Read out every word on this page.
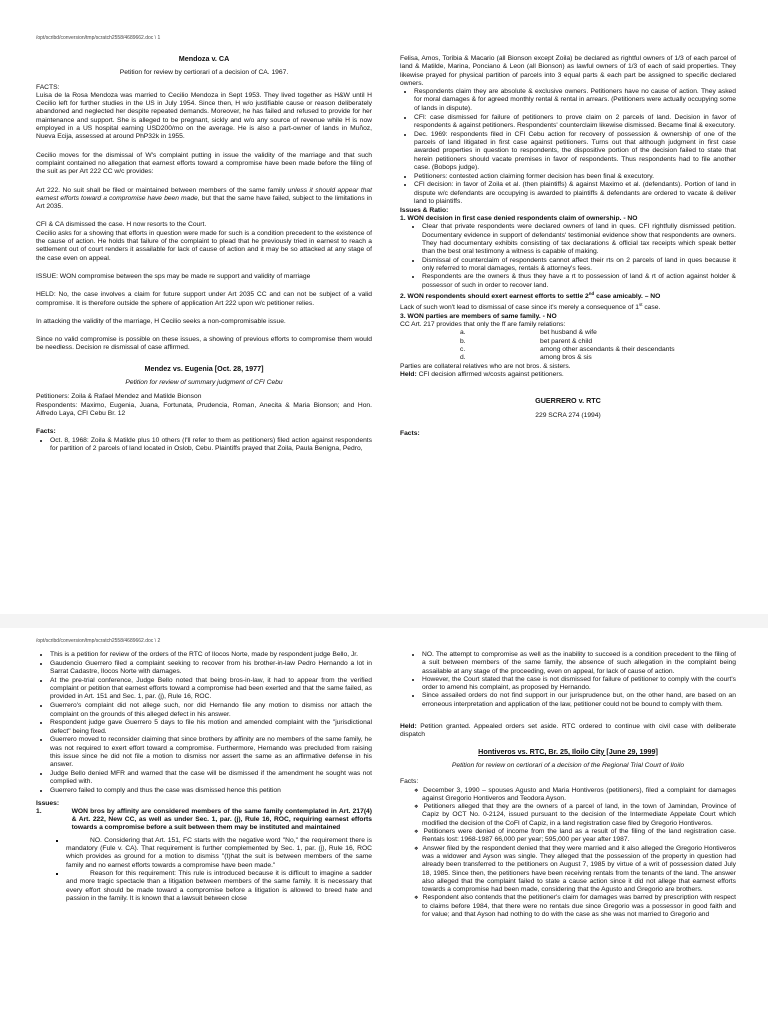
/opt/scribd/conversion/tmp/scratch2558/4689662.doc \ 1

Mendoza v. CA

Petition for review by certiorari of a decision of CA. 1967.

FACTS:

Luisa de la Rosa Mendoza was married to Cecilio Mendoza in Sept 1953. They lived together as H&W until H Cecilio left for further studies in the US in July 1954. Since then, H w/o justifiable cause or reason deliberately abandoned and neglected her despite repeated demands. Moreover, he has failed and refused to provide for her maintenance and support. She is alleged to be pregnant, sickly and w/o any source of revenue while H is now employed in a US hospital earning USD200/mo on the average. He is also a part-owner of lands in Muñoz, Nueva Ecija, assessed at around PhP32k in 1955.

Cecilio moves for the dismissal of W's complaint putting in issue the validity of the marriage and that such complaint contained no allegation that earnest efforts toward a compromise have been made before the filing of the suit as per Art 222 CC w/c provides:

Art 222. No suit shall be filed or maintained between members of the same family unless it should appear that earnest efforts toward a compromise have been made, but that the same have failed, subject to the limitations in Art 2035.

CFI & CA dismissed the case. H now resorts to the Court.
Cecilio asks for a showing that efforts in question were made for such is a condition precedent to the existence of the cause of action. He holds that failure of the complaint to plead that he previously tried in earnest to reach a settlement out of court renders it assailable for lack of cause of action and it may be so attacked at any stage of the case even on appeal.

ISSUE: WON compromise between the sps may be made re support and validity of marriage

HELD: No, the case involves a claim for future support under Art 2035 CC and can not be subject of a valid compromise. It is therefore outside the sphere of application Art 222 upon w/c petitioner relies.

In attacking the validity of the marriage, H Cecilio seeks a non-compromisable issue.

Since no valid compromise is possible on these issues, a showing of previous efforts to compromise them would be needless. Decision re dismissal of case affirmed.

Mendez vs. Eugenia [Oct. 28, 1977]

Petition for review of summary judgment of CFI Cebu

Petitioners: Zoila & Rafael Mendez and Matilde Bionson

Respondents: Maximo, Eugenia, Juana, Fortunata, Prudencia, Roman, Anecita & Maria Bionson; and Hon. Alfredo Laya, CFI Cebu Br. 12

Facts:

• Oct. 8, 1968: Zoila & Matilde plus 10 others (I'll refer to them as petitioners) filed action against respondents for partition of 2 parcels of land located in Oslob, Cebu. Plaintiffs prayed that Zoila, Paula Benigna, Pedro,

Felisa, Amos, Toribia & Macario (all Bionson except Zoila) be declared as rightful owners of 1/3 of each parcel of land & Matilde, Marina, Ponciano & Leon (all Bionson) as lawful owners of 1/3 of each of said properties. They likewise prayed for physical partition of parcels into 3 equal parts & each part be assigned to specific declared owners.

• Respondents claim they are absolute & exclusive owners. Petitioners have no cause of action. They asked for moral damages & for agreed monthly rental & rental in arrears. (Petitioners were actually occupying some of lands in dispute).
• CFI: case dismissed for failure of petitioners to prove claim on 2 parcels of land. Decision in favor of respondents & against petitioners. Respondents' counterclaim likewise dismissed. Became final & executory.
• Dec. 1969: respondents filed in CFI Cebu action for recovery of possession & ownership of one of the parcels of land litigated in first case against petitioners. Turns out that although judgment in first case awarded properties in question to respondents, the dispositive portion of the decision failed to state that herein petitioners should vacate premises in favor of respondents. Thus respondents had to file another case. (Bobops judge).
• Petitioners: contested action claiming former decision has been final & executory.
• CFI decision: in favor of Zoila et al. (then plaintiffs) & against Maximo et al. (defendants). Portion of land in dispute w/c defendants are occupying is awarded to plaintiffs & defendants are ordered to vacate & deliver land to plaintiffs.

Issues & Ratio:

1. WON decision in first case denied respondents claim of ownership. - NO

• Clear that private respondents were declared owners of land in ques. CFI rightfully dismissed petition. Documentary evidence in support of defendants' testimonial evidence show that respondents are owners. They had documentary exhibits consisting of tax declarations & official tax receipts which speak better than the best oral testimony a witness is capable of making.
• Dismissal of counterclaim of respondents cannot affect their rts on 2 parcels of land in ques because it only referred to moral damages, rentals & attorney's fees.
• Respondents are the owners & thus they have a rt to possession of land & rt of action against holder & possessor of such in order to recover land.

2. WON respondents should exert earnest efforts to settle 2nd case amicably. – NO

Lack of such won't lead to dismissal of case since it's merely a consequence of 1st case.

3. WON parties are members of same family. - NO

CC Art. 217 provides that only the ff are family relations:

a.	bet husband & wife
b.	bet parent & child
c.	among other ascendants & their descendants
d.	among bros & sis

Parties are collateral relatives who are not bros. & sisters.

Held: CFI decision affirmed w/costs against petitioners.

GUERRERO v. RTC

229 SCRA 274 (1994)

Facts:

/opt/scribd/conversion/tmp/scratch2558/4689662.doc \ 2
• This is a petition for review of the orders of the RTC of Ilocos Norte, made by respondent judge Bello, Jr.
• Gaudencio Guerrero filed a complaint seeking to recover from his brother-in-law Pedro Hernando a lot in Sarrat Cadastre, Ilocos Norte with damages.
• At the pre-trial conference, Judge Bello noted that being bros-in-law, it had to appear from the verified complaint or petition that earnest efforts toward a compromise had been exerted and that the same failed, as provided in Art. 151 and Sec. 1, par. (j), Rule 16, ROC.
• Guerrero's complaint did not allege such, nor did Hernando file any motion to dismiss nor attach the complaint on the grounds of this alleged defect in his answer.
• Respondent judge gave Guerrero 5 days to file his motion and amended complaint with the "jurisdictional defect" being fixed.
• Guerrero moved to reconsider claiming that since brothers by affinity are no members of the same family, he was not required to exert effort toward a compromise. Furthermore, Hernando was precluded from raising this issue since he did not file a motion to dismiss nor assert the same as an affirmative defense in his answer.
• Judge Bello denied MFR and warned that the case will be dismissed if the amendment he sought was not complied with.
• Guerrero failed to comply and thus the case was dismissed hence this petition

Issues:

1.	WON bros by affinity are considered members of the same family contemplated in Art. 217(4) & Art. 222, New CC, as well as under Sec. 1, par. (j), Rule 16, ROC, requiring earnest efforts towards a compromise before a suit between them may be instituted and maintained
▪ NO. Considering that Art. 151, FC starts with the negative word "No," the requirement there is mandatory (Fule v. CA). That requirement is further complemented by Sec. 1, par. (j), Rule 16, ROC which provides as ground for a motion to dismiss "(t)hat the suit is between members of the same family and no earnest efforts towards a compromise have been made."
▪ Reason for this requirement: This rule is introduced because it is difficult to imagine a sadder and more tragic spectacle than a litigation between members of the same family. It is necessary that every effort should be made toward a compromise before a litigation is allowed to breed hate and passion in the family. It is known that a lawsuit between close
• NO. The attempt to compromise as well as the inability to succeed is a condition precedent to the filing of a suit between members of the same family, the absence of such allegation in the complaint being assailable at any stage of the proceeding, even on appeal, for lack of cause of action.
• However, the Court stated that the case is not dismissed for failure of petitioner to comply with the court's order to amend his complaint, as proposed by Hernando.
• Since assailed orders do not find support in our jurisprudence but, on the other hand, are based on an erroneous interpretation and application of the law, petitioner could not be bound to comply with them.

Held: Petition granted. Appealed orders set aside. RTC ordered to continue with civil case with deliberate dispatch

Hontiveros vs. RTC, Br. 25, Iloilo City [June 29, 1999]

Petition for review on certiorari of a decision of the Regional Trial Court of Iloilo

Facts:

❖ December 3, 1990 – spouses Agusto and Maria Hontiveros (petitioners), filed a complaint for damages against Gregorio Hontiveros and Teodora Ayson.
❖ Petitioners alleged that they are the owners of a parcel of land, in the town of Jamindan, Province of Capiz by OCT No. 0-2124, issued pursuant to the decision of the Intermediate Appelate Court which modified the decision of the CoFI of Capiz, in a land registration case filed by Gregorio Hontiveros.
❖ Petitioners were denied of income from the land as a result of the filing of the land registration case. Rentals lost: 1968-1987 66,000 per year; 595,000 per year after 1987.
❖ Answer filed by the respondent denied that they were married and it also alleged the Gregorio Hontiveros was a widower and Ayson was single. They alleged that the possession of the property in question had already been transferred to the petitioners on August 7, 1985 by virtue of a writ of possession dated July 18, 1985. Since then, the petitioners have been receiving rentals from the tenants of the land. The answer also alleged that the complaint failed to state a cause action since it did not allege that earnest efforts towards a compromise had been made, considering that the Agusto and Gregorio are brothers.
❖ Respondent also contends that the petitioner's claim for damages was barred by prescription with respect to claims before 1984, that there were no rentals due since Gregorio was a possessor in good faith and for value; and that Ayson had nothing to do with the case as she was not married to Gregorio and
